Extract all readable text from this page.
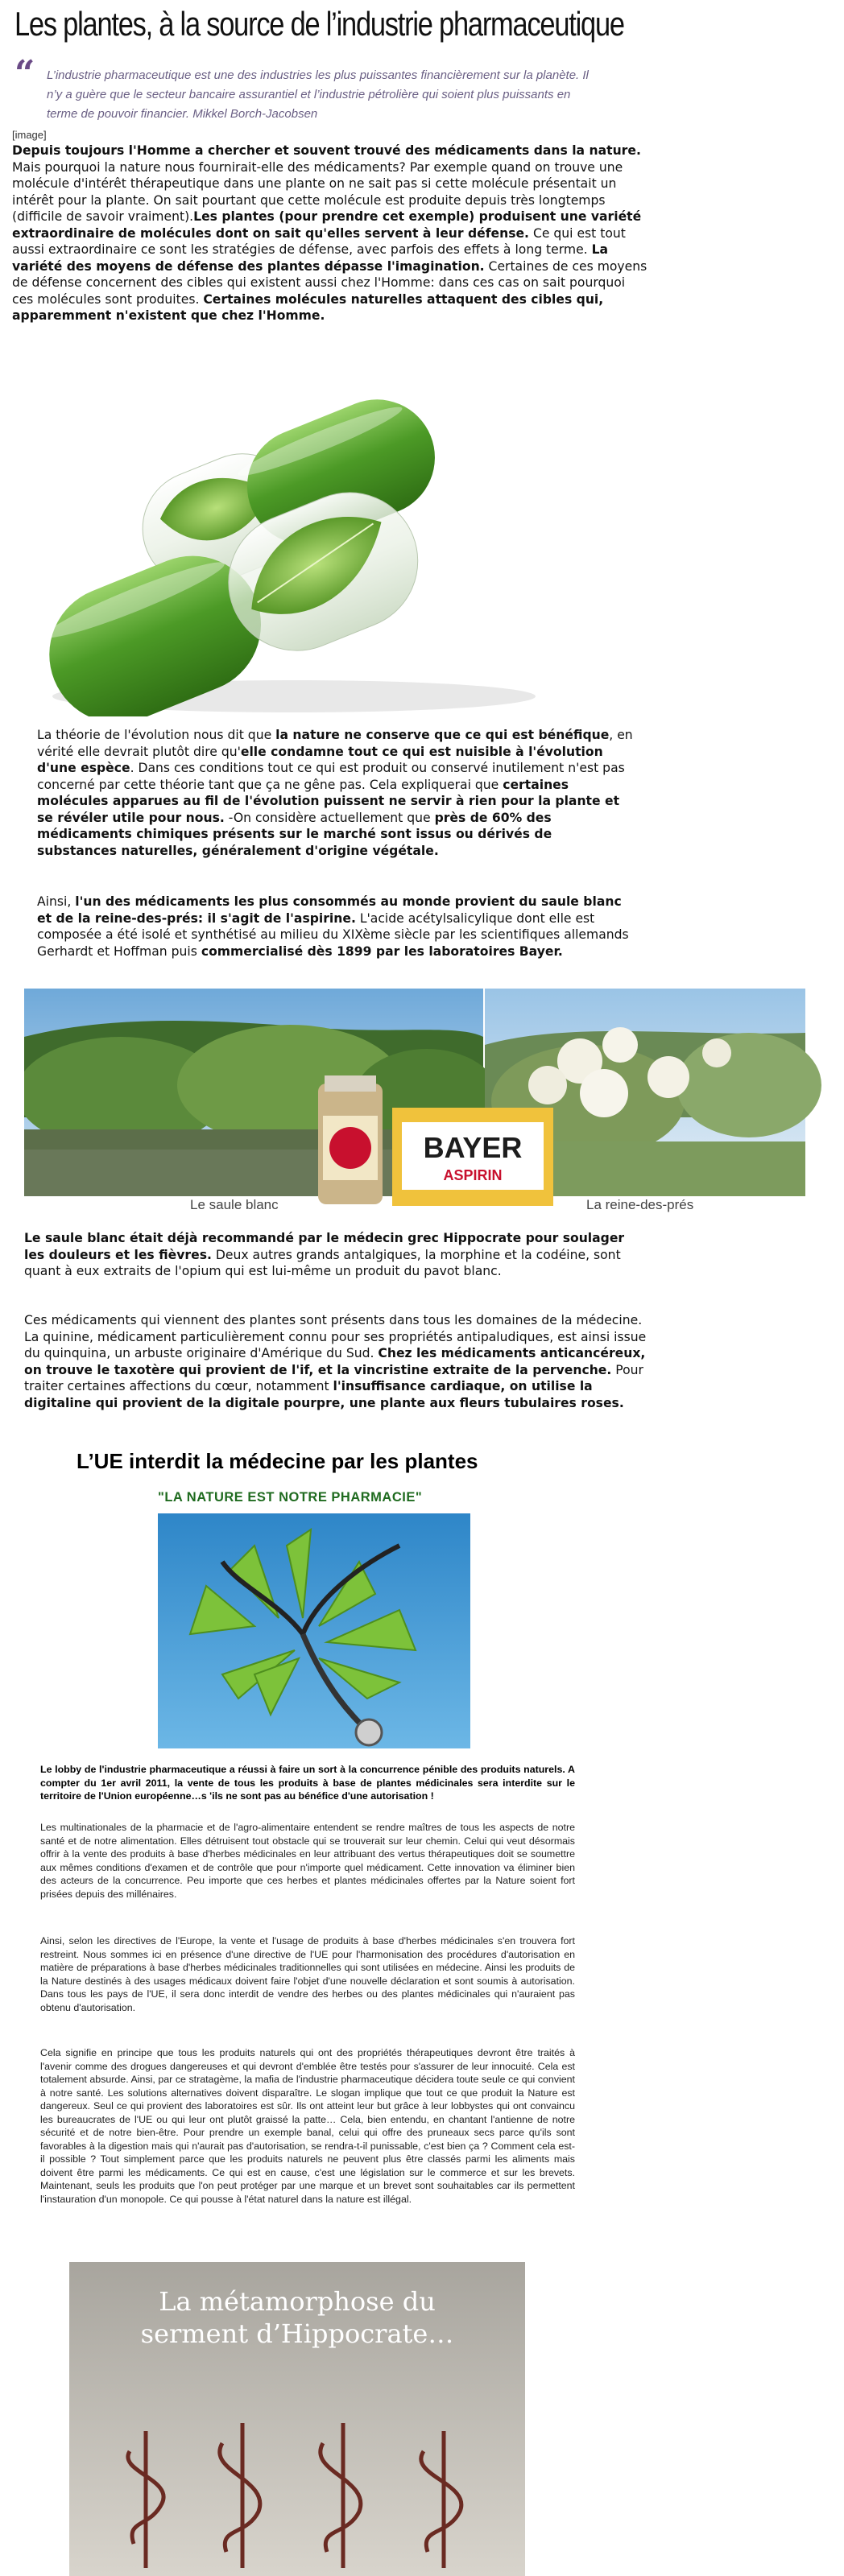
Les plantes, à la source de l’industrie pharmaceutique
“ L’industrie pharmaceutique est une des industries les plus puissantes financièrement sur la planète. Il n’y a guère que le secteur bancaire assurantiel et l’industrie pétrolière qui soient plus puissants en terme de pouvoir financier. Mikkel Borch-Jacobsen
[image]
Depuis toujours l'Homme a chercher et souvent trouvé des médicaments dans la nature. Mais pourquoi la nature nous fournirait-elle des médicaments? Par exemple quand on trouve une molécule d'intérêt thérapeutique dans une plante on ne sait pas si cette molécule présentait un intérêt pour la plante. On sait pourtant que cette molécule est produite depuis très longtemps (difficile de savoir vraiment).Les plantes (pour prendre cet exemple) produisent une variété extraordinaire de molécules dont on sait qu'elles servent à leur défense. Ce qui est tout aussi extraordinaire ce sont les stratégies de défense, avec parfois des effets à long terme. La variété des moyens de défense des plantes dépasse l'imagination. Certaines de ces moyens de défense concernent des cibles qui existent aussi chez l'Homme: dans ces cas on sait pourquoi ces molécules sont produites. Certaines molécules naturelles attaquent des cibles qui, apparemment n'existent que chez l'Homme.
La théorie de l'évolution nous dit que la nature ne conserve que ce qui est bénéfique, en vérité elle devrait plutôt dire qu'elle condamne tout ce qui est nuisible à l'évolution d'une espèce. Dans ces conditions tout ce qui est produit ou conservé inutilement n'est pas concerné par cette théorie tant que ça ne gêne pas. Cela expliquerai que certaines molécules apparues au fil de l'évolution puissent ne servir à rien pour la plante et se révéler utile pour nous. -On considère actuellement que près de 60% des médicaments chimiques présents sur le marché sont issus ou dérivés de substances naturelles, généralement d'origine végétale.
Ainsi, l'un des médicaments les plus consommés au monde provient du saule blanc et de la reine-des-prés: il s'agit de l'aspirine. L'acide acétylsalicylique dont elle est composée a été isolé et synthétisé au milieu du XIXème siècle par les scientifiques allemands Gerhardt et Hoffman puis commercialisé dès 1899 par les laboratoires Bayer.
BAYER
ASPIRIN
Le saule blanc	La reine-des-prés
Le saule blanc était déjà recommandé par le médecin grec Hippocrate pour soulager les douleurs et les fièvres. Deux autres grands antalgiques, la morphine et la codéine, sont quant à eux extraits de l'opium qui est lui-même un produit du pavot blanc.
Ces médicaments qui viennent des plantes sont présents dans tous les domaines de la médecine. La quinine, médicament particulièrement connu pour ses propriétés antipaludiques, est ainsi issue du quinquina, un arbuste originaire d'Amérique du Sud. Chez les médicaments anticancéreux, on trouve le taxotère qui provient de l'if, et la vincristine extraite de la pervenche. Pour traiter certaines affections du cœur, notamment l'insuffisance cardiaque, on utilise la digitaline qui provient de la digitale pourpre, une plante aux fleurs tubulaires roses.
L’UE interdit la médecine par les plantes
"LA NATURE EST NOTRE PHARMACIE"
Le lobby de l'industrie pharmaceutique a réussi à faire un sort à la concurrence pénible des produits naturels. A compter du 1er avril 2011, la vente de tous les produits à base de plantes médicinales sera interdite sur le territoire de l'Union européenne…s 'ils ne sont pas au bénéfice d'une autorisation !
Les multinationales de la pharmacie et de l'agro-alimentaire entendent se rendre maîtres de tous les aspects de notre santé et de notre alimentation. Elles détruisent tout obstacle qui se trouverait sur leur chemin. Celui qui veut désormais offrir à la vente des produits à base d'herbes médicinales en leur attribuant des vertus thérapeutiques doit se soumettre aux mêmes conditions d'examen et de contrôle que pour n'importe quel médicament. Cette innovation va éliminer bien des acteurs de la concurrence. Peu importe que ces herbes et plantes médicinales offertes par la Nature soient fort prisées depuis des millénaires.
Ainsi, selon les directives de l'Europe, la vente et l'usage de produits à base d'herbes médicinales s'en trouvera fort restreint. Nous sommes ici en présence d'une directive de l'UE pour l'harmonisation des procédures d'autorisation en matière de préparations à base d'herbes médicinales traditionnelles qui sont utilisées en médecine. Ainsi les produits de la Nature destinés à des usages médicaux doivent faire l'objet d'une nouvelle déclaration et sont soumis à autorisation. Dans tous les pays de l'UE, il sera donc interdit de vendre des herbes ou des plantes médicinales qui n'auraient pas obtenu d'autorisation.
Cela signifie en principe que tous les produits naturels qui ont des propriétés thérapeutiques devront être traités à l'avenir comme des drogues dangereuses et qui devront d'emblée être testés pour s'assurer de leur innocuité. Cela est totalement absurde. Ainsi, par ce stratagème, la mafia de l'industrie pharmaceutique décidera toute seule ce qui convient à notre santé. Les solutions alternatives doivent disparaître. Le slogan implique que tout ce que produit la Nature est dangereux. Seul ce qui provient des laboratoires est sûr. Ils ont atteint leur but grâce à leur lobbystes qui ont convaincu les bureaucrates de l'UE ou qui leur ont plutôt graissé la patte… Cela, bien entendu, en chantant l'antienne de notre sécurité et de notre bien-être. Pour prendre un exemple banal, celui qui offre des pruneaux secs parce qu'ils sont favorables à la digestion mais qui n'aurait pas d'autorisation, se rendra-t-il punissable, c'est bien ça ? Comment cela est-il possible ? Tout simplement parce que les produits naturels ne peuvent plus être classés parmi les aliments mais doivent être parmi les médicaments. Ce qui est en cause, c'est une législation sur le commerce et sur les brevets. Maintenant, seuls les produits que l'on peut protéger par une marque et un brevet sont souhaitables car ils permettent l'instauration d'un monopole. Ce qui pousse à l'état naturel dans la nature est illégal.
La métamorphose du
serment d’Hippocrate…
